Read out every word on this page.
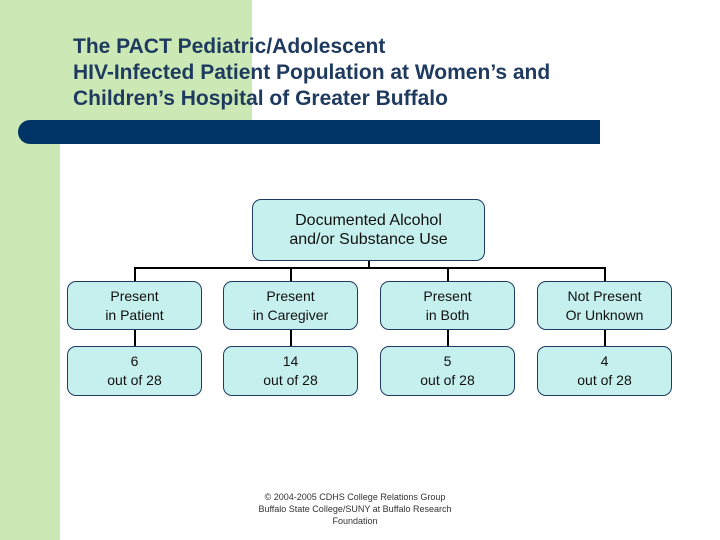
The PACT Pediatric/Adolescent
HIV-Infected Patient Population at Women’s and
Children’s Hospital of Greater Buffalo
Documented Alcohol
and/or Substance Use
Present
in Patient
Present
in Caregiver
Present
in Both
Not Present
Or Unknown
6
out of 28
14
out of 28
5
out of 28
4
out of 28
© 2004-2005 CDHS College Relations Group
Buffalo State College/SUNY at Buffalo Research
Foundation
